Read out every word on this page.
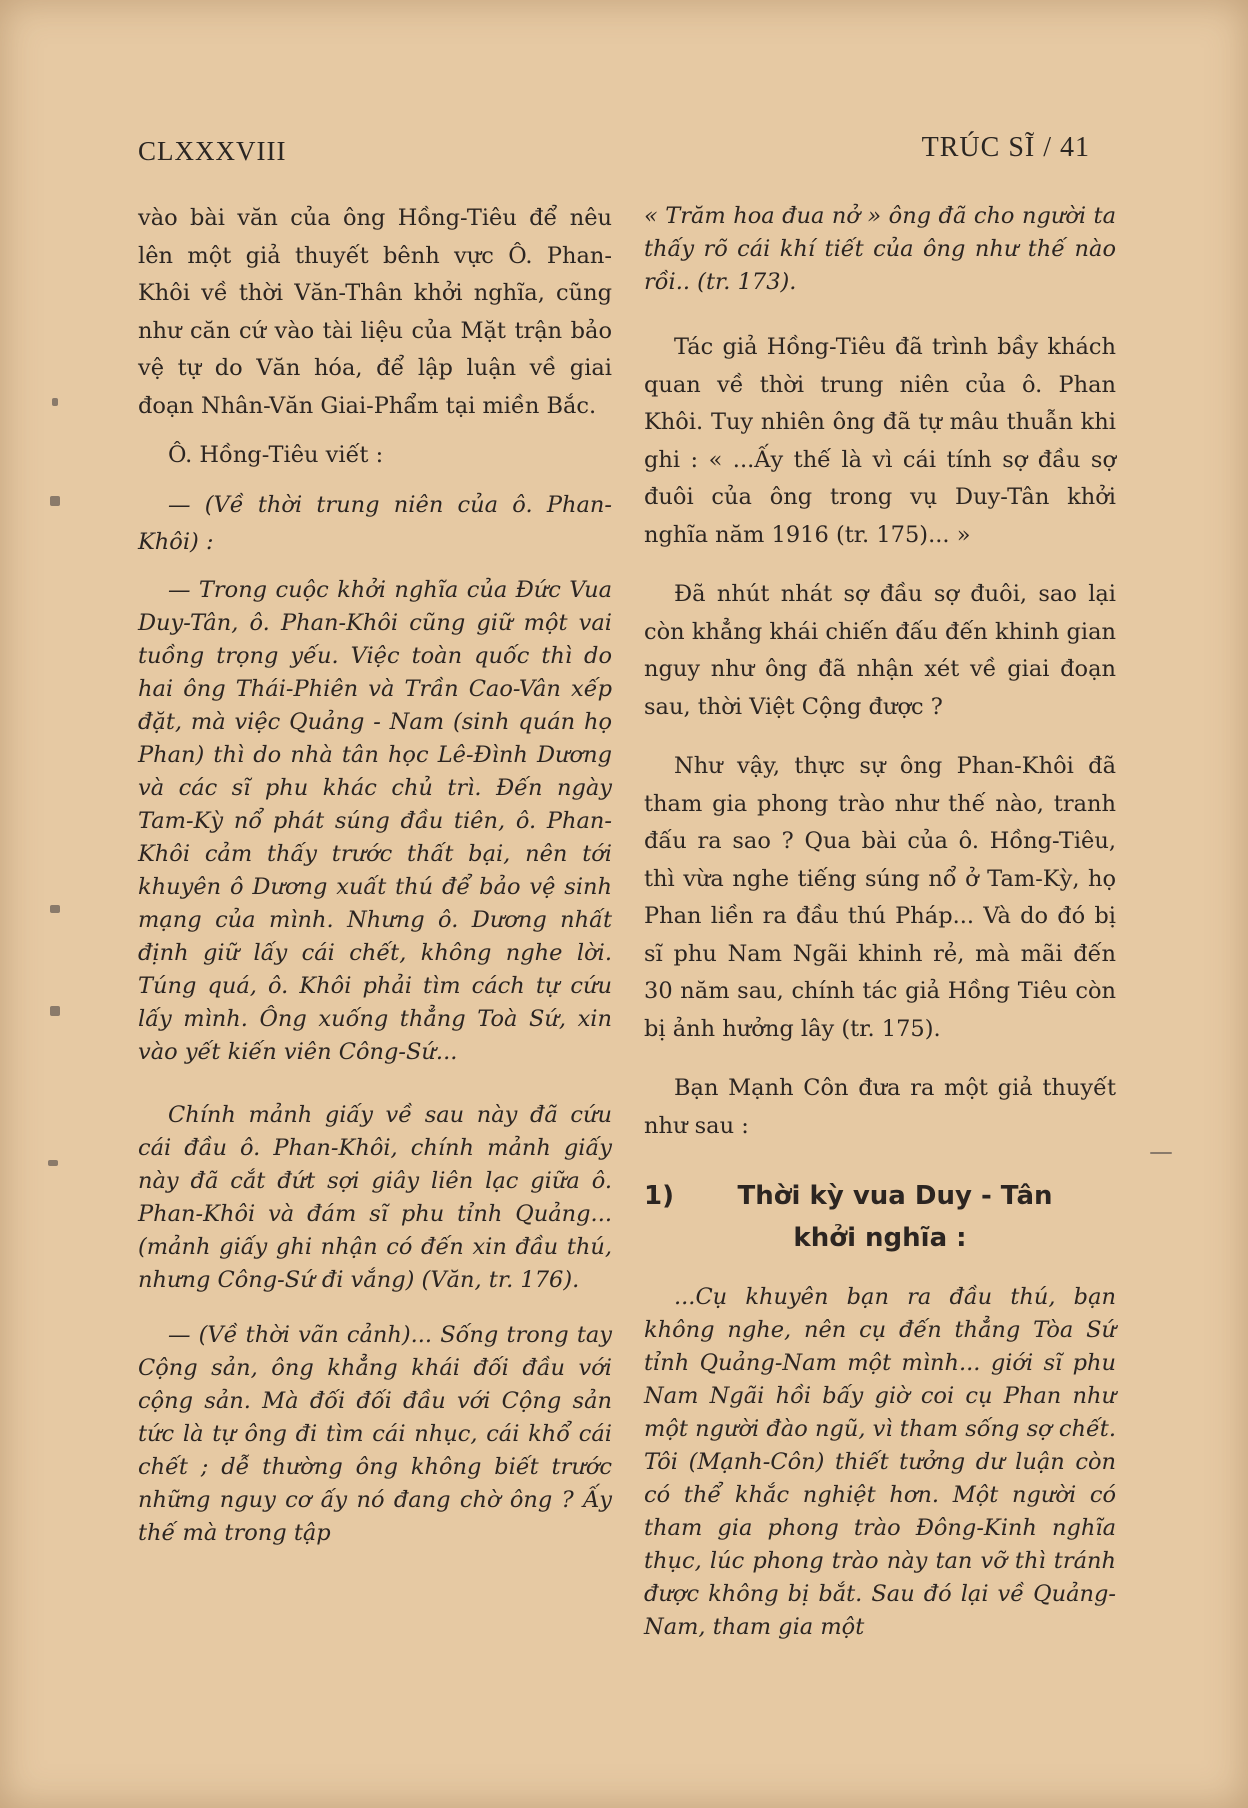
CLXXXVIII	TRÚC SĨ / 41

vào bài văn của ông Hồng-Tiêu để nêu lên một giả thuyết bênh vực Ô. Phan-Khôi về thời Văn-Thân khởi nghĩa, cũng như căn cứ vào tài liệu của Mặt trận bảo vệ tự do Văn hóa, để lập luận về giai đoạn Nhân-Văn Giai-Phẩm tại miền Bắc.

Ô. Hồng-Tiêu viết :

— (Về thời trung niên của ô. Phan-Khôi) :

— Trong cuộc khởi nghĩa của Đức Vua Duy-Tân, ô. Phan-Khôi cũng giữ một vai tuồng trọng yếu. Việc toàn quốc thì do hai ông Thái-Phiên và Trần Cao-Vân xếp đặt, mà việc Quảng - Nam (sinh quán họ Phan) thì do nhà tân học Lê-Đình Dương và các sĩ phu khác chủ trì. Đến ngày Tam-Kỳ nổ phát súng đầu tiên, ô. Phan-Khôi cảm thấy trước thất bại, nên tới khuyên ô Dương xuất thú để bảo vệ sinh mạng của mình. Nhưng ô. Dương nhất định giữ lấy cái chết, không nghe lời. Túng quá, ô. Khôi phải tìm cách tự cứu lấy mình. Ông xuống thẳng Toà Sứ, xin vào yết kiến viên Công-Sứ...

Chính mảnh giấy về sau này đã cứu cái đầu ô. Phan-Khôi, chính mảnh giấy này đã cắt đứt sợi giây liên lạc giữa ô. Phan-Khôi và đám sĩ phu tỉnh Quảng... (mảnh giấy ghi nhận có đến xin đầu thú, nhưng Công-Sứ đi vắng) (Văn, tr. 176).

— (Về thời vãn cảnh)... Sống trong tay Cộng sản, ông khẳng khái đối đầu với cộng sản. Mà đối đối đầu với Cộng sản tức là tự ông đi tìm cái nhục, cái khổ cái chết ; dễ thường ông không biết trước những nguy cơ ấy nó đang chờ ông ? Ấy thế mà trong tập

« Trăm hoa đua nở » ông đã cho người ta thấy rõ cái khí tiết của ông như thế nào rồi.. (tr. 173).

Tác giả Hồng-Tiêu đã trình bầy khách quan về thời trung niên của ô. Phan Khôi. Tuy nhiên ông đã tự mâu thuẫn khi ghi : « ...Ấy thế là vì cái tính sợ đầu sợ đuôi của ông trong vụ Duy-Tân khởi nghĩa năm 1916 (tr. 175)... »

Đã nhút nhát sợ đầu sợ đuôi, sao lại còn khẳng khái chiến đấu đến khinh gian nguy như ông đã nhận xét về giai đoạn sau, thời Việt Cộng được ?

Như vậy, thực sự ông Phan-Khôi đã tham gia phong trào như thế nào, tranh đấu ra sao ? Qua bài của ô. Hồng-Tiêu, thì vừa nghe tiếng súng nổ ở Tam-Kỳ, họ Phan liền ra đầu thú Pháp... Và do đó bị sĩ phu Nam Ngãi khinh rẻ, mà mãi đến 30 năm sau, chính tác giả Hồng Tiêu còn bị ảnh hưởng lây (tr. 175).

Bạn Mạnh Côn đưa ra một giả thuyết như sau :

1)	Thời kỳ vua Duy - Tân
khởi nghĩa :

...Cụ khuyên bạn ra đầu thú, bạn không nghe, nên cụ đến thẳng Tòa Sứ tỉnh Quảng-Nam một mình... giới sĩ phu Nam Ngãi hồi bấy giờ coi cụ Phan như một người đào ngũ, vì tham sống sợ chết. Tôi (Mạnh-Côn) thiết tưởng dư luận còn có thể khắc nghiệt hơn. Một người có tham gia phong trào Đông-Kinh nghĩa thục, lúc phong trào này tan vỡ thì tránh được không bị bắt. Sau đó lại về Quảng-Nam, tham gia một
